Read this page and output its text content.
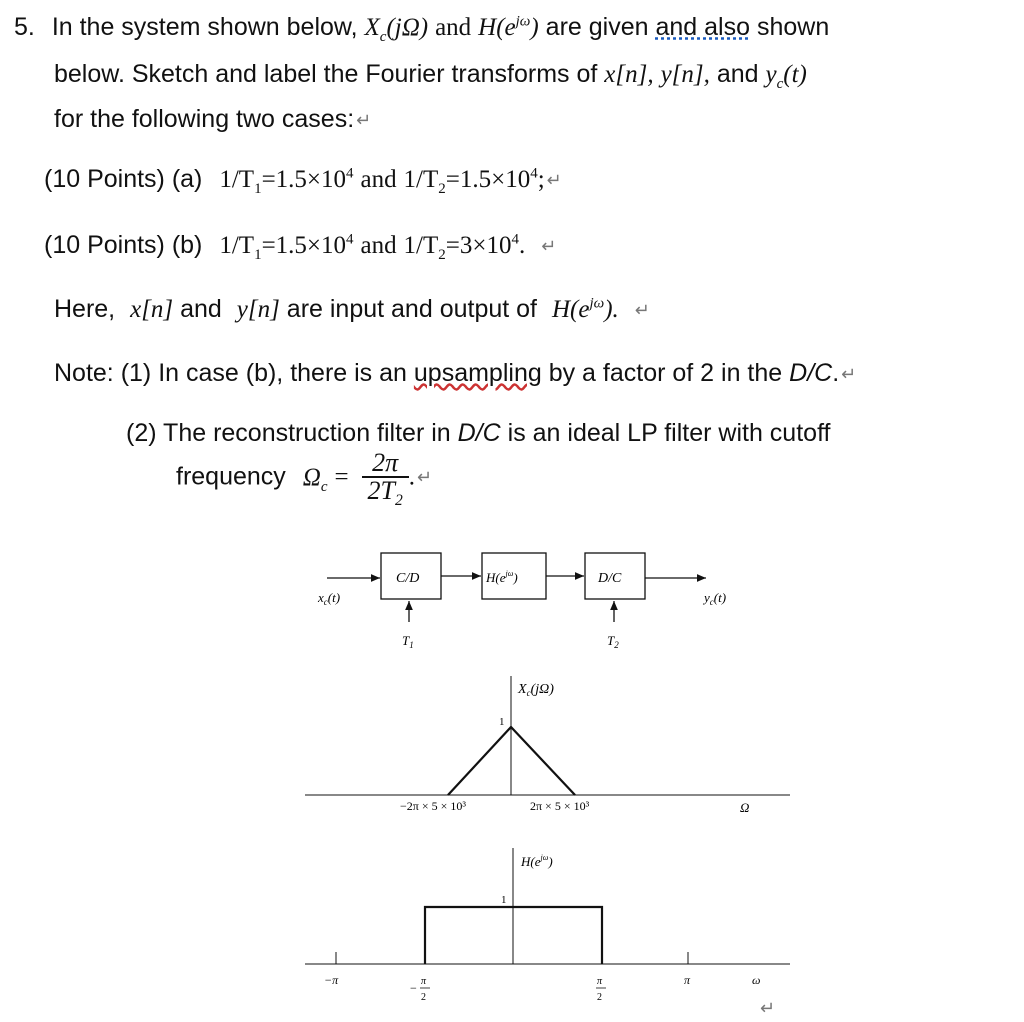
5. In the system shown below, $X_c(j\Omega)$ and $H(e^{j\omega})$ are given and also shown
below. Sketch and label the Fourier transforms of x[n], y[n], and $y_c(t)$
for the following two cases: ↵
(10 Points) (a) $1/T_1=1.5\times 10^4$ and $1/T_2=1.5\times 10^4$; ↵
(10 Points) (b) $1/T_1=1.5\times 10^4$ and $1/T_2=3\times 10^4$. ↵
Here, x[n] and y[n] are input and output of $H(e^{j\omega})$. ↵
Note: (1) In case (b), there is an upsampling by a factor of 2 in the D/C. ↵
(2) The reconstruction filter in D/C is an ideal LP filter with cutoff
frequency $\Omega_c = \frac{2\pi}{2T_2}$ . ↵
$x_c(t)$
C/D	$H(e^{j\omega})$	D/C
$y_c(t)$
$T_1$	$T_2$
$X_c(j\Omega)$
1
−2π × 5 × 10³	2π × 5 × 10³	Ω
$H(e^{j\omega})$
1
−π
− π
2
π
2
π	ω
↵
